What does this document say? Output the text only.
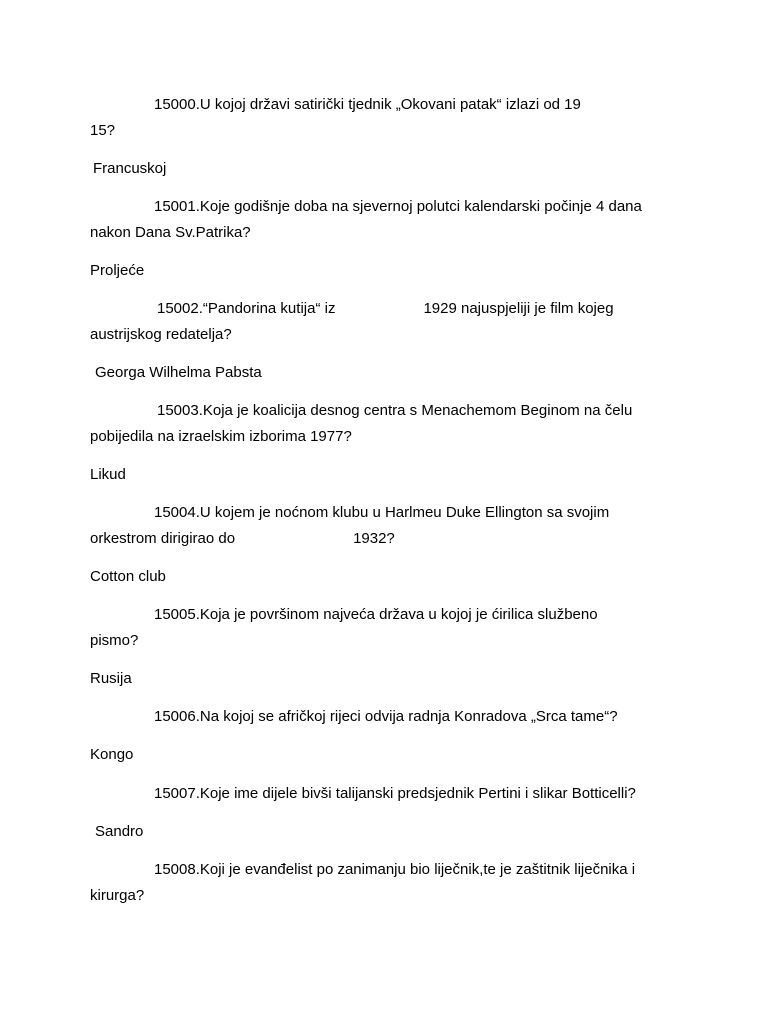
15000.U kojoj državi satirički tjednik „Okovani patak“ izlazi od 19
15?
Francuskoj
15001.Koje godišnje doba na sjevernoj polutci kalendarski počinje 4 dana
nakon Dana Sv.Patrika?
Proljeće
15002.“Pandorina kutija“ iz	1929 najuspjeliji je film kojeg
austrijskog redatelja?
Georga Wilhelma Pabsta
15003.Koja je koalicija desnog centra s Menachemom Beginom na čelu
pobijedila na izraelskim izborima 1977?
Likud
15004.U kojem je noćnom klubu u Harlmeu Duke Ellington sa svojim
orkestrom dirigirao do	1932?
Cotton club
15005.Koja je površinom najveća država u kojoj je ćirilica službeno
pismo?
Rusija
15006.Na kojoj se afričkoj rijeci odvija radnja Konradova „Srca tame“?
Kongo
15007.Koje ime dijele bivši talijanski predsjednik Pertini i slikar Botticelli?
Sandro
15008.Koji je evanđelist po zanimanju bio liječnik,te je zaštitnik liječnika i
kirurga?
